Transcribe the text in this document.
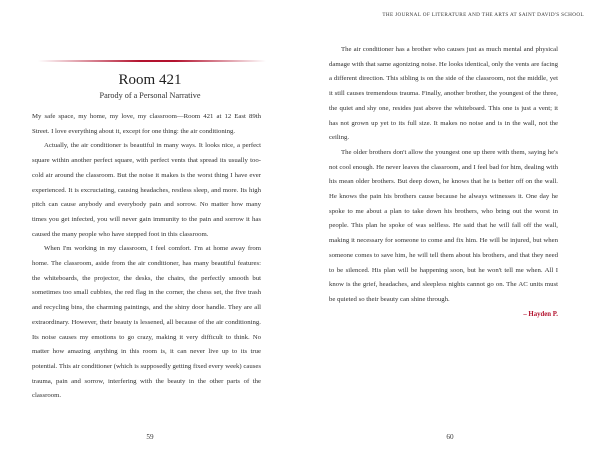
Room 421
Parody of a Personal Narrative

My safe space, my home, my love, my classroom—Room 421 at 12 East 89th Street. I love everything about it, except for one thing: the air conditioning.

Actually, the air conditioner is beautiful in many ways. It looks nice, a perfect square within another perfect square, with perfect vents that spread its usually too-cold air around the classroom. But the noise it makes is the worst thing I have ever experienced. It is excruciating, causing headaches, restless sleep, and more. Its high pitch can cause anybody and everybody pain and sorrow. No matter how many times you get infected, you will never gain immunity to the pain and sorrow it has caused the many people who have stepped foot in this classroom.

When I'm working in my classroom, I feel comfort. I'm at home away from home. The classroom, aside from the air conditioner, has many beautiful features: the whiteboards, the projector, the desks, the chairs, the perfectly smooth but sometimes too small cubbies, the red flag in the corner, the chess set, the five trash and recycling bins, the charming paintings, and the shiny door handle. They are all extraordinary. However, their beauty is lessened, all because of the air conditioning. Its noise causes my emotions to go crazy, making it very difficult to think. No matter how amazing anything in this room is, it can never live up to its true potential. This air conditioner (which is supposedly getting fixed every week) causes trauma, pain and sorrow, interfering with the beauty in the other parts of the classroom.

59
THE JOURNAL OF LITERATURE AND THE ARTS AT SAINT DAVID'S SCHOOL

The air conditioner has a brother who causes just as much mental and physical damage with that same agonizing noise. He looks identical, only the vents are facing a different direction. This sibling is on the side of the classroom, not the middle, yet it still causes tremendous trauma. Finally, another brother, the youngest of the three, the quiet and shy one, resides just above the whiteboard. This one is just a vent; it has not grown up yet to its full size. It makes no noise and is in the wall, not the ceiling.

The older brothers don't allow the youngest one up there with them, saying he's not cool enough. He never leaves the classroom, and I feel bad for him, dealing with his mean older brothers. But deep down, he knows that he is better off on the wall. He knows the pain his brothers cause because he always witnesses it. One day he spoke to me about a plan to take down his brothers, who bring out the worst in people. This plan he spoke of was selfless. He said that he will fall off the wall, making it necessary for someone to come and fix him. He will be injured, but when someone comes to save him, he will tell them about his brothers, and that they need to be silenced. His plan will be happening soon, but he won't tell me when. All I know is the grief, headaches, and sleepless nights cannot go on. The AC units must be quieted so their beauty can shine through.

– Hayden P.
60
